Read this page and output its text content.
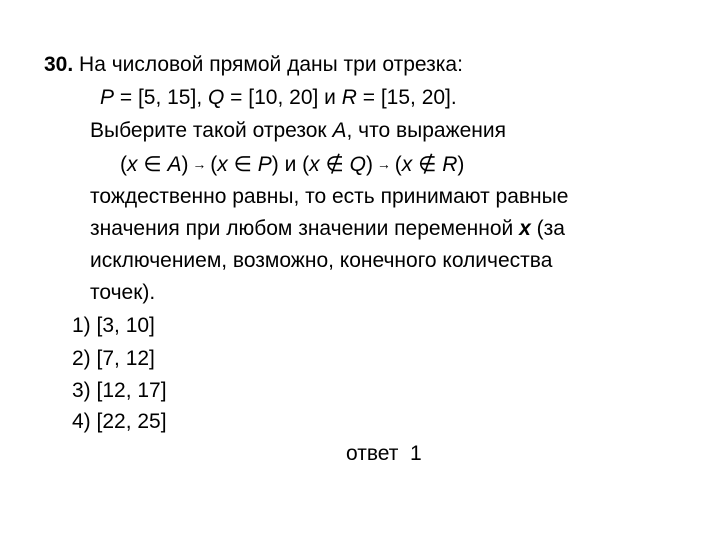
30. На числовой прямой даны три отрезка:
P = [5, 15], Q = [10, 20] и R = [15, 20].
Выберите такой отрезок A, что выражения
(x ∈ A) → (x ∈ P) и (x ∉ Q) → (x ∉ R)
тождественно равны, то есть принимают равные
значения при любом значении переменной x (за
исключением, возможно, конечного количества
точек).
1) [3, 10]
2) [7, 12]
3) [12, 17]
4) [22, 25]
ответ  1
